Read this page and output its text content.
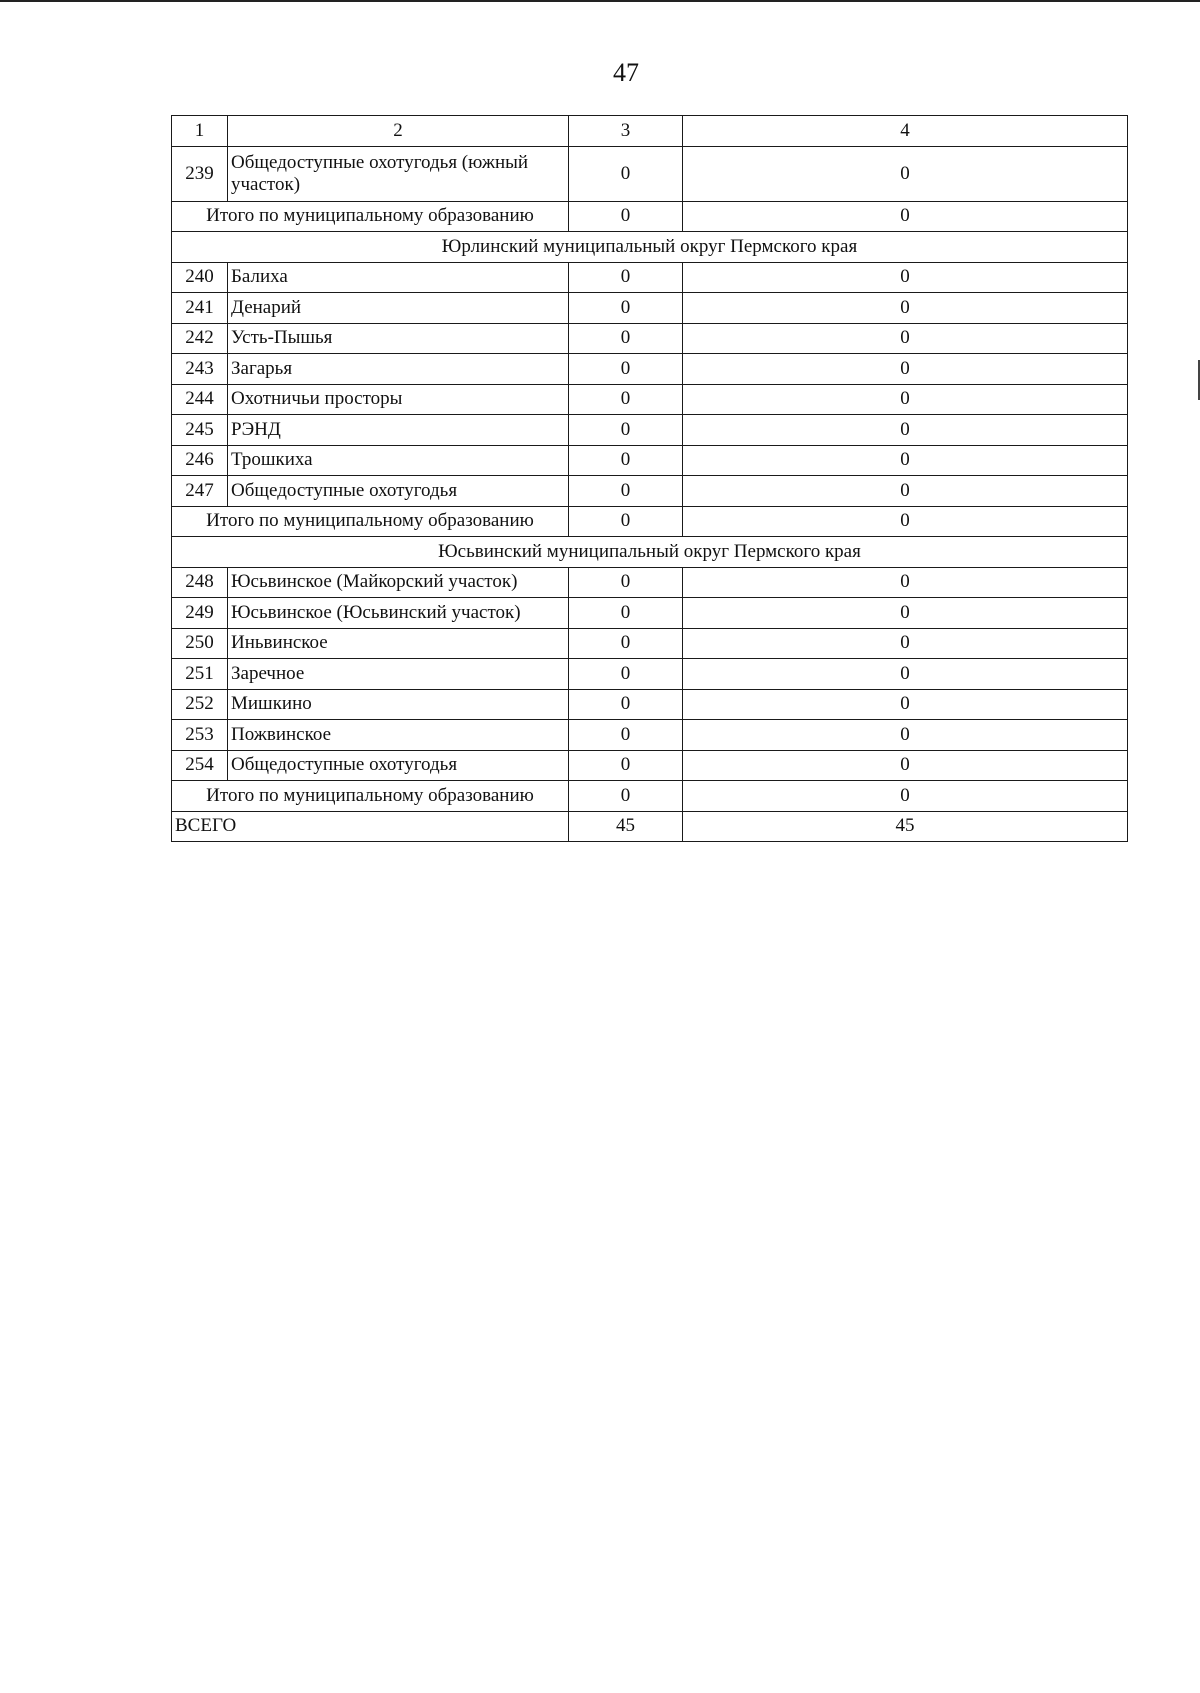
47
1	2	3	4
239	Общедоступные охотугодья (южный участок)	0	0
Итого по муниципальному образованию		0	0
Юрлинский муниципальный округ Пермского края			
240	Балиха	0	0
241	Денарий	0	0
242	Усть-Пышья	0	0
243	Загарья	0	0
244	Охотничьи просторы	0	0
245	РЭНД	0	0
246	Трошкиха	0	0
247	Общедоступные охотугодья	0	0
Итого по муниципальному образованию		0	0
Юсьвинский муниципальный округ Пермского края			
248	Юсьвинское (Майкорский участок)	0	0
249	Юсьвинское (Юсьвинский участок)	0	0
250	Иньвинское	0	0
251	Заречное	0	0
252	Мишкино	0	0
253	Пожвинское	0	0
254	Общедоступные охотугодья	0	0
Итого по муниципальному образованию		0	0
ВСЕГО		45	45
